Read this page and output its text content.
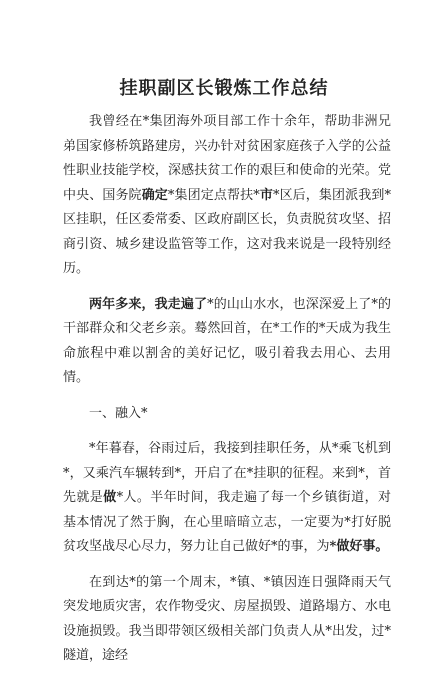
挂职副区长锻炼工作总结

我曾经在*集团海外项目部工作十余年，帮助非洲兄弟国家修桥筑路建房，兴办针对贫困家庭孩子入学的公益性职业技能学校，深感扶贫工作的艰巨和使命的光荣。党中央、国务院确定*集团定点帮扶*市*区后，集团派我到*区挂职，任区委常委、区政府副区长，负责脱贫攻坚、招商引资、城乡建设监管等工作，这对我来说是一段特别经历。

两年多来，我走遍了*的山山水水，也深深爱上了*的干部群众和父老乡亲。蓦然回首，在*工作的*天成为我生命旅程中难以割舍的美好记忆，吸引着我去用心、去用情。

一、融入*

*年暮春，谷雨过后，我接到挂职任务，从*乘飞机到*，又乘汽车辗转到*，开启了在*挂职的征程。来到*，首先就是做*人。半年时间，我走遍了每一个乡镇街道，对基本情况了然于胸，在心里暗暗立志，一定要为*打好脱贫攻坚战尽心尽力，努力让自己做好*的事，为*做好事。

在到达*的第一个周末，*镇、*镇因连日强降雨天气突发地质灾害，农作物受灾、房屋损毁、道路塌方、水电设施损毁。我当即带领区级相关部门负责人从*出发，过*隧道，途经
